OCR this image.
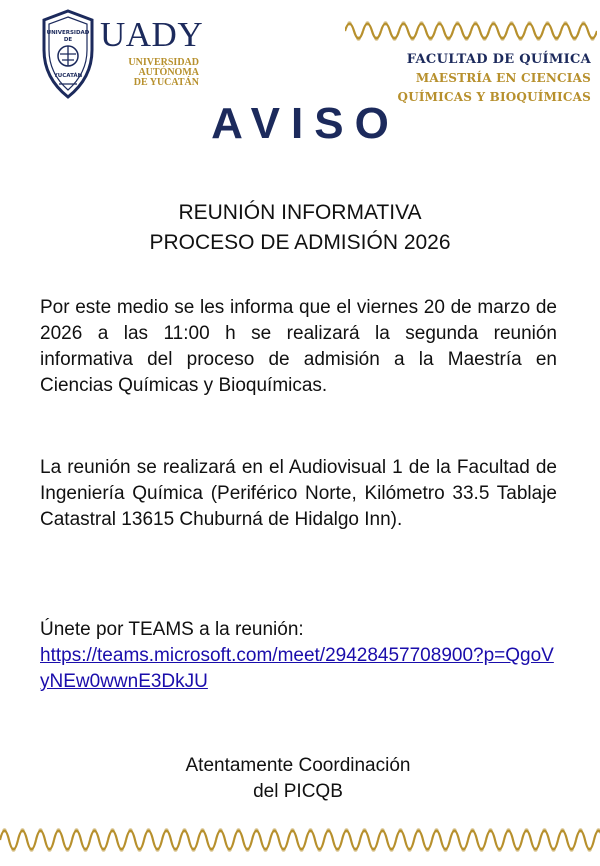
UNIVERSIDAD
DE
YUCATÁN
UADY
UNIVERSIDAD
AUTÓNOMA
DE YUCATÁN
FACULTAD DE QUÍMICA
MAESTRÍA EN CIENCIAS
QUÍMICAS Y BIOQUÍMICAS
AVISO
REUNIÓN INFORMATIVA
PROCESO DE ADMISIÓN 2026
Por este medio se les informa que el viernes 20 de marzo de 2026 a las 11:00 h se realizará la segunda reunión informativa del proceso de admisión a la Maestría en Ciencias Químicas y Bioquímicas.
La reunión se realizará en el Audiovisual 1 de la Facultad de Ingeniería Química (Periférico Norte, Kilómetro 33.5 Tablaje Catastral 13615 Chuburná de Hidalgo Inn).
Únete por TEAMS a la reunión:
https://teams.microsoft.com/meet/29428457708900?p=QgoVyNEw0wwnE3DkJU
Atentamente Coordinación
del PICQB
